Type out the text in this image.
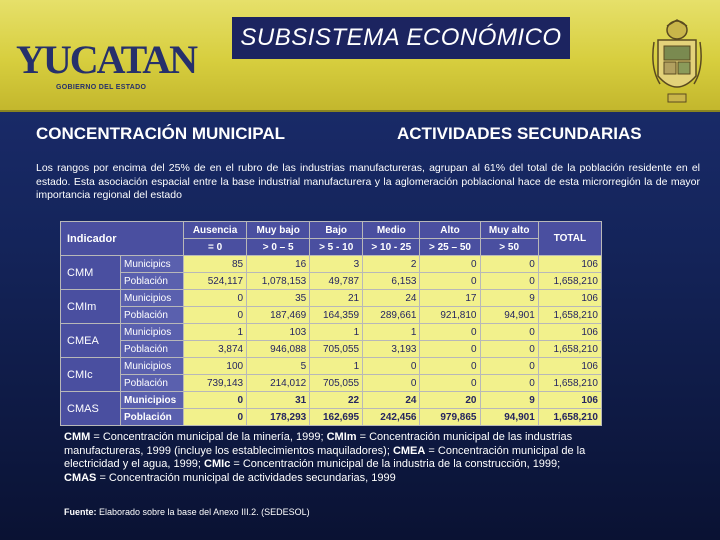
YUCATAN
GOBIERNO DEL ESTADO
SUBSISTEMA ECONÓMICO
CONCENTRACIÓN MUNICIPAL	ACTIVIDADES SECUNDARIAS
Los rangos por encima del 25% de en el rubro de las industrias manufactureras, agrupan al 61% del total de la población residente en el estado. Esta asociación espacial entre la base industrial manufacturera y la aglomeración poblacional hace de esta microrregión la de mayor importancia regional del estado
Indicador		Ausencia	Muy bajo	Bajo	Medio	Alto	Muy alto	TOTAL
		= 0	> 0 – 5	> 5 - 10	> 10 - 25	> 25 – 50	> 50	
CMM	Municipics	85	16	3	2	0	0	106
	Población	524,117	1,078,153	49,787	6,153	0	0	1,658,210
CMIm	Municipios	0	35	21	24	17	9	106
	Población	0	187,469	164,359	289,661	921,810	94,901	1,658,210
CMEA	Municipios	1	103	1	1	0	0	106
	Población	3,874	946,088	705,055	3,193	0	0	1,658,210
CMIc	Municipios	100	5	1	0	0	0	106
	Población	739,143	214,012	705,055	0	0	0	1,658,210
CMAS	Municipios	0	31	22	24	20	9	106
	Población	0	178,293	162,695	242,456	979,865	94,901	1,658,210
CMM = Concentración municipal de la minería, 1999; CMIm = Concentración municipal de las industrias manufactureras, 1999 (incluye los establecimientos maquiladores); CMEA = Concentración municipal de la electricidad y el agua, 1999; CMIc = Concentración municipal de la industria de la construcción, 1999; CMAS = Concentración municipal de actividades secundarias, 1999
Fuente: Elaborado sobre la base del Anexo III.2. (SEDESOL)
